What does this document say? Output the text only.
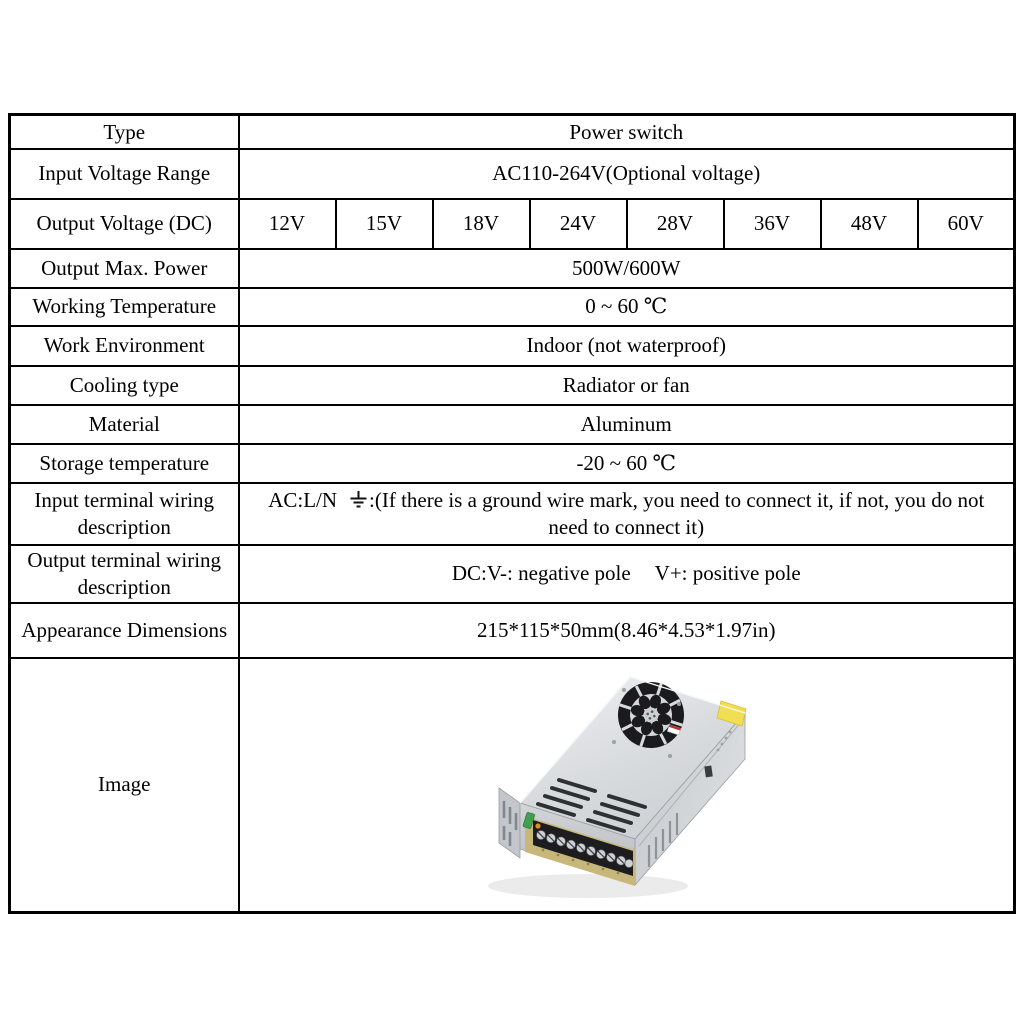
Type	Power switch							
Input Voltage Range	AC110-264V(Optional voltage)							
Output Voltage (DC)	12V	15V	18V	24V	28V	36V	48V	60V
Output Max. Power	500W/600W							
Working Temperature	0 ~ 60 ℃							
Work Environment	Indoor (not waterproof)							
Cooling type	Radiator or fan							
Material	Aluminum							
Storage temperature	-20 ~ 60 ℃							
Input terminal wiring description	AC:L/N :(If there is a ground wire mark, you need to connect it, if not, you do not need to connect it)							
Output terminal wiring description	DC:V-: negative pole V+: positive pole							
Appearance Dimensions	215*115*50mm(8.46*4.53*1.97in)							
Image	
